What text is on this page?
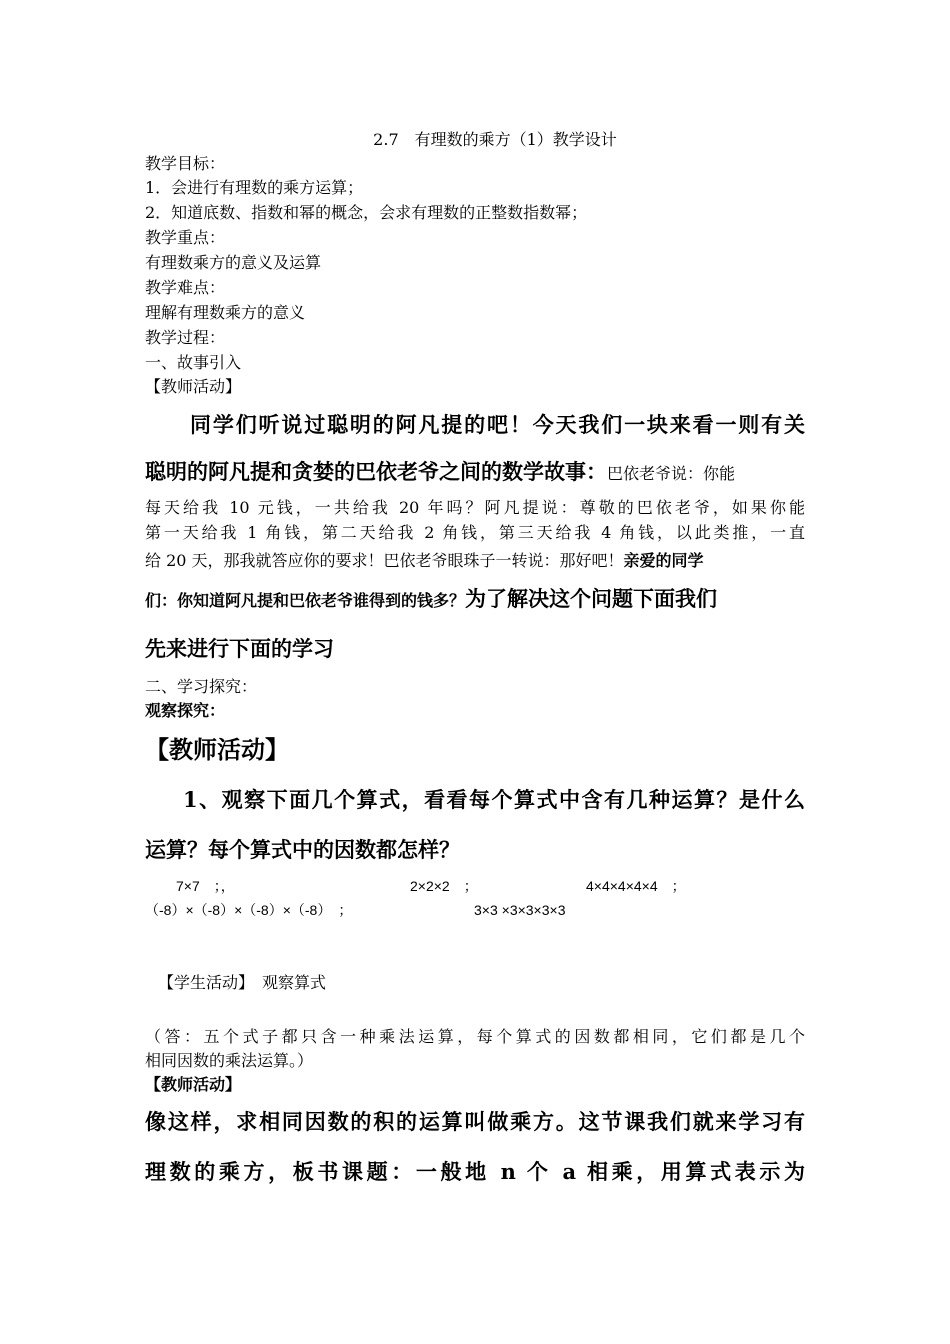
2.7　有理数的乘方（1）教学设计
教学目标：
1．会进行有理数的乘方运算；
2．知道底数、指数和幂的概念，会求有理数的正整数指数幂；
教学重点：
有理数乘方的意义及运算
教学难点：
理解有理数乘方的意义
教学过程：
一、故事引入
【教师活动】
同学们听说过聪明的阿凡提的吧！今天我们一块来看一则有关
聪明的阿凡提和贪婪的巴依老爷之间的数学故事：巴依老爷说：你能
每天给我 10 元钱，一共给我 20 年吗？阿凡提说：尊敬的巴依老爷，如果你能
第一天给我 1 角钱，第二天给我 2 角钱，第三天给我 4 角钱，以此类推，一直
给 20 天，那我就答应你的要求！巴依老爷眼珠子一转说：那好吧！亲爱的同学
们：你知道阿凡提和巴依老爷谁得到的钱多？为了解决这个问题下面我们
先来进行下面的学习
二、学习探究：
观察探究：
【教师活动】
1、观察下面几个算式，看看每个算式中含有几种运算？是什么
运算？每个算式中的因数都怎样？
7×7　；，	2×2×2　；	4×4×4×4×4　；
（-8）×（-8）×（-8）×（-8）　；	3×3 ×3×3×3×3
【学生活动】　观察算式
（答：五个式子都只含一种乘法运算，每个算式的因数都相同，它们都是几个
相同因数的乘法运算。）
【教师活动】
像这样，求相同因数的积的运算叫做乘方。这节课我们就来学习有
理数的乘方，板书课题：一般地 n 个 a 相乘，用算式表示为
